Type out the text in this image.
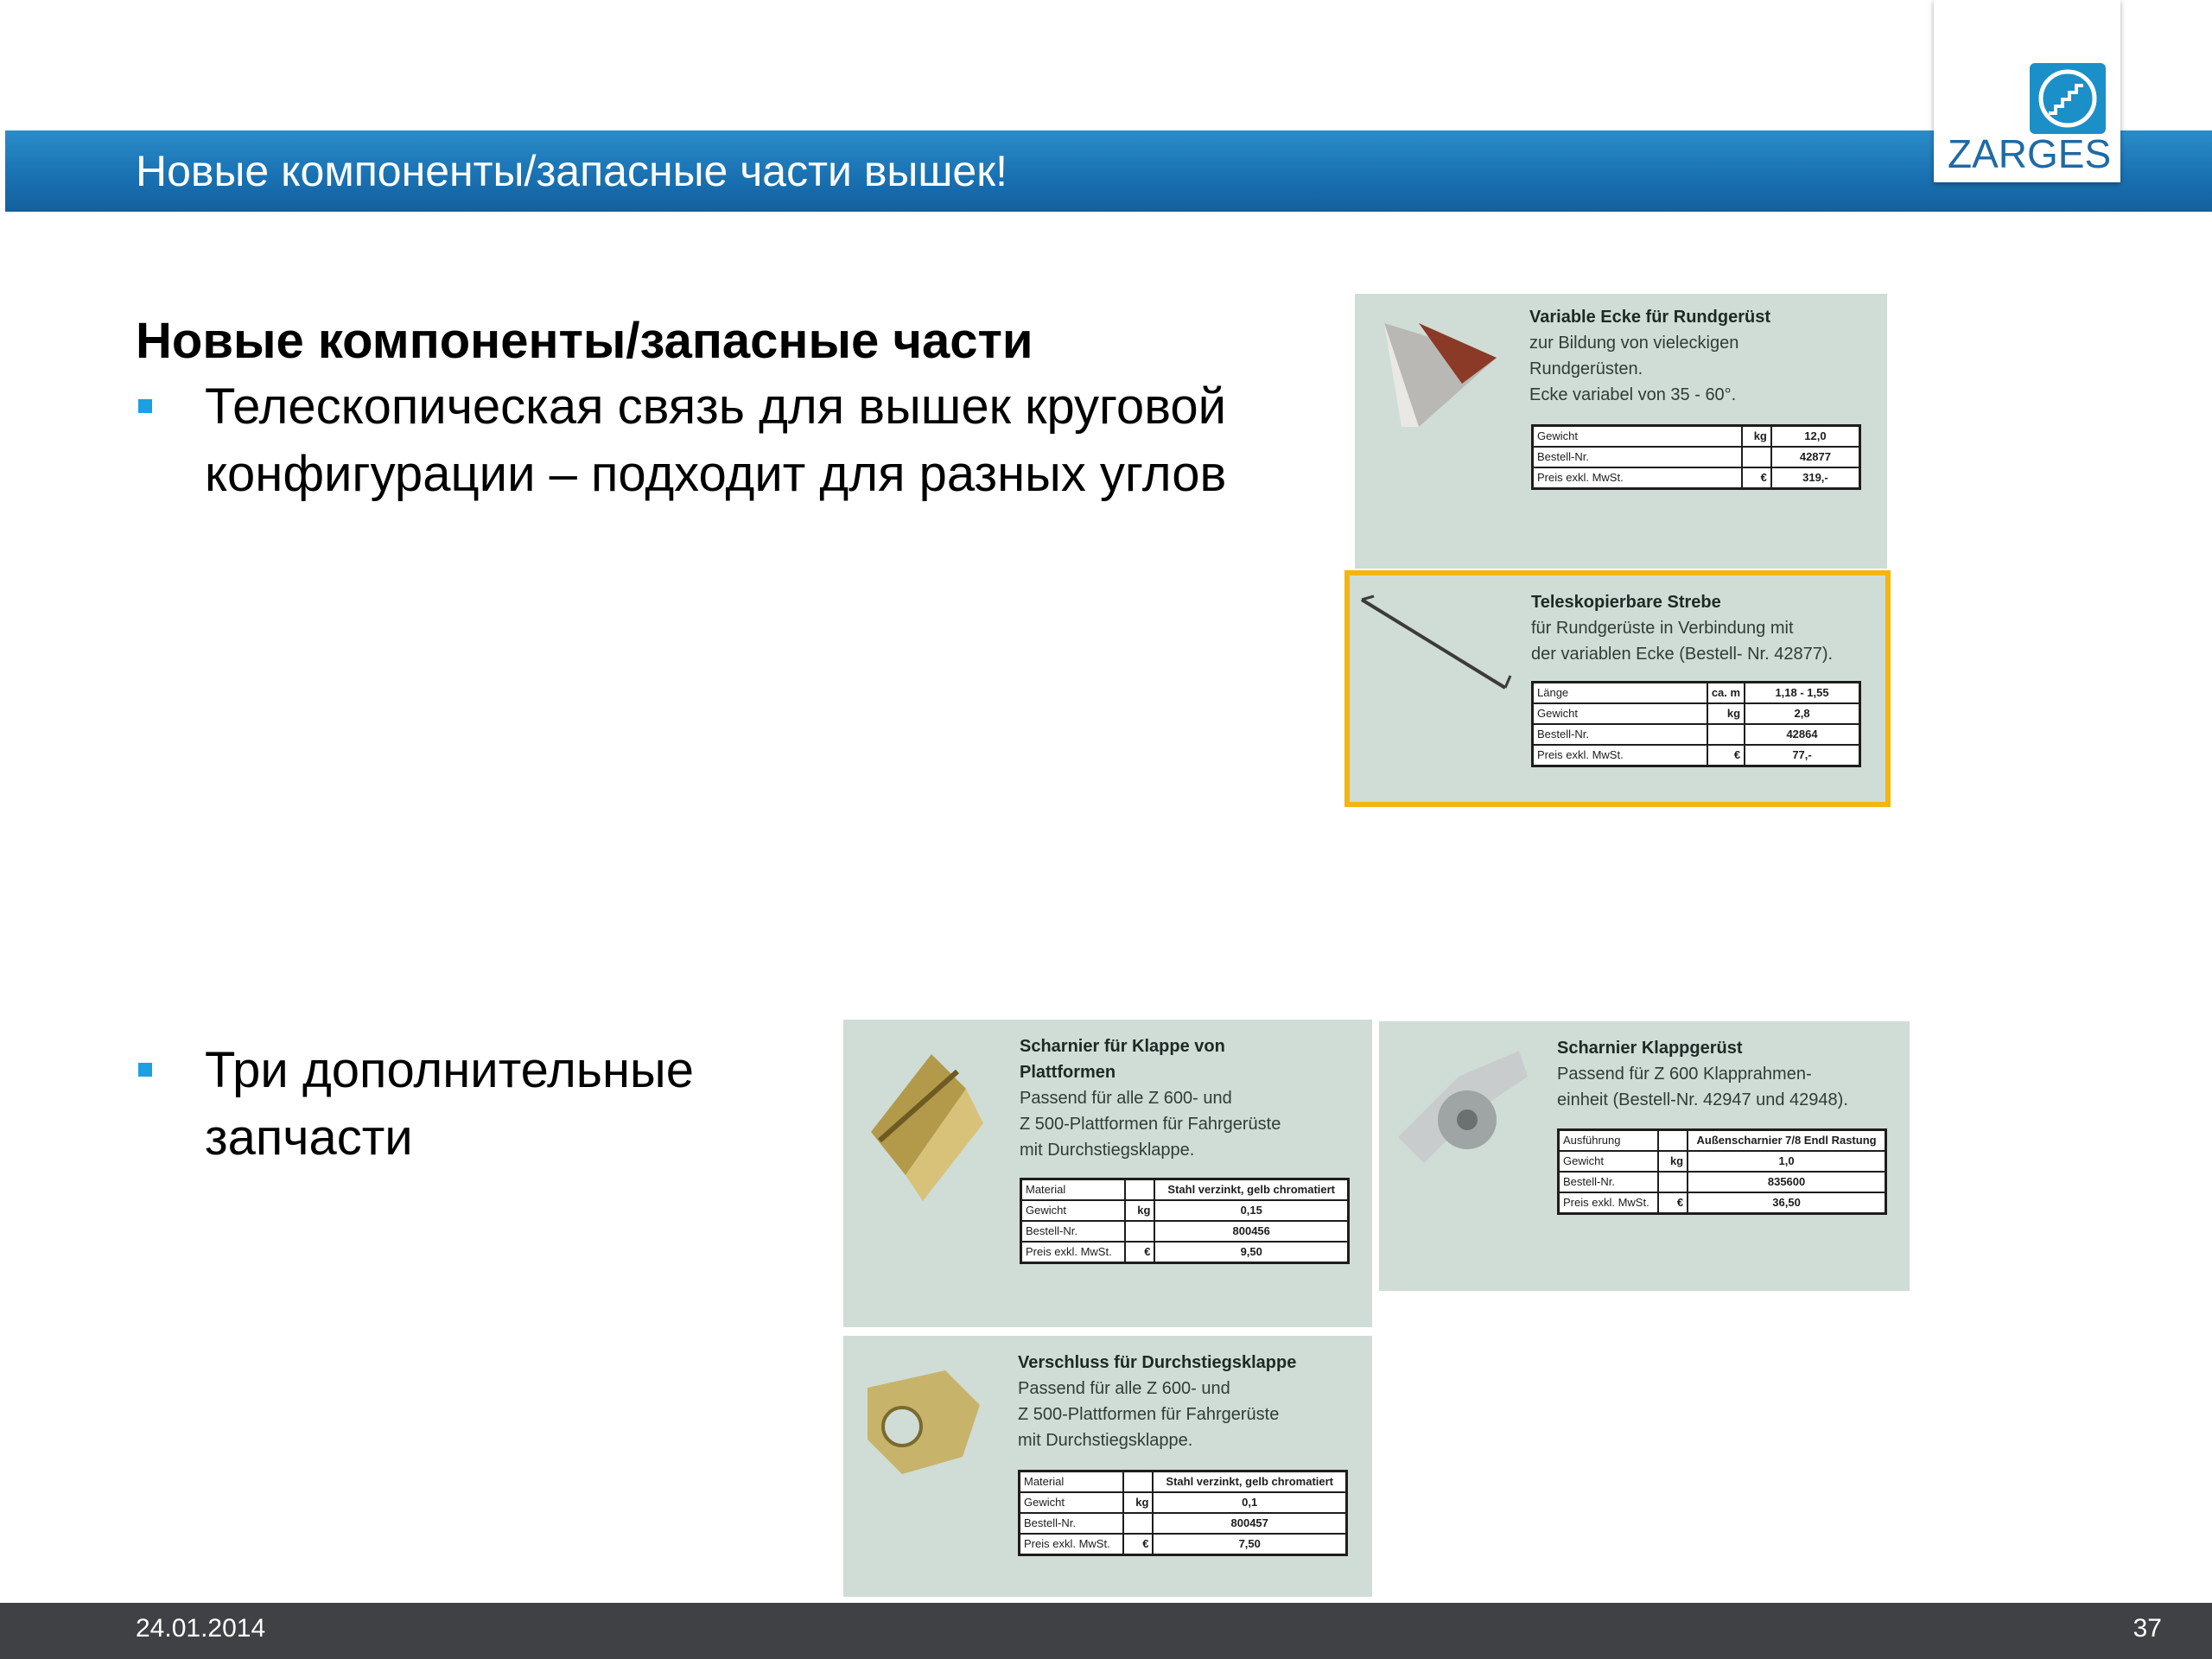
Новые компоненты/запасные части вышек!	ZARGES
Новые компоненты/запасные части
Телескопическая связь для вышек круговой
конфигурации – подходит для разных углов
Три дополнительные
запчасти
Variable Ecke für Rundgerüst
zur Bildung von vieleckigen
Rundgerüsten.
Ecke variabel von 35 - 60°.
Gewicht	kg	12,0
Bestell-Nr.		42877
Preis exkl. MwSt.	€	319,-
Teleskopierbare Strebe
für Rundgerüste in Verbindung mit
der variablen Ecke (Bestell- Nr. 42877).
Länge	ca. m	1,18 - 1,55
Gewicht	kg	2,8
Bestell-Nr.		42864
Preis exkl. MwSt.	€	77,-
Scharnier für Klappe von
Plattformen
Passend für alle Z 600- und
Z 500-Plattformen für Fahrgerüste
mit Durchstiegsklappe.
Material		Stahl verzinkt, gelb chromatiert
Gewicht	kg	0,15
Bestell-Nr.		800456
Preis exkl. MwSt.	€	9,50
Scharnier Klappgerüst
Passend für Z 600 Klapprahmen-
einheit (Bestell-Nr. 42947 und 42948).
Ausführung		Außenscharnier 7/8 Endl Rastung
Gewicht	kg	1,0
Bestell-Nr.		835600
Preis exkl. MwSt.	€	36,50
Verschluss für Durchstiegsklappe
Passend für alle Z 600- und
Z 500-Plattformen für Fahrgerüste
mit Durchstiegsklappe.
Material		Stahl verzinkt, gelb chromatiert
Gewicht	kg	0,1
Bestell-Nr.		800457
Preis exkl. MwSt.	€	7,50
24.01.2014	37
